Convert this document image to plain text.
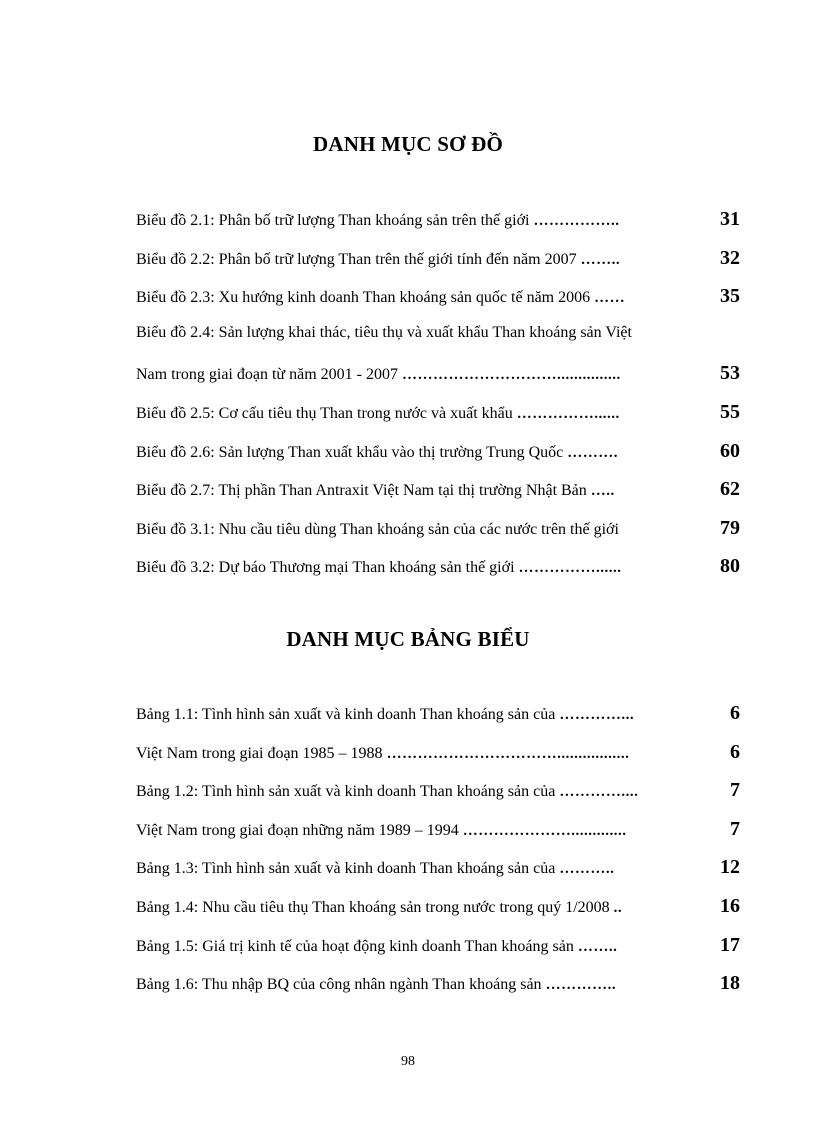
DANH MỤC SƠ ĐỒ
Biểu đồ 2.1: Phân bố trữ lượng Than khoáng sản trên thế giới ……………..	31
Biểu đồ 2.2: Phân bố trữ lượng Than trên thế giới tính đến năm 2007 ……..	32
Biểu đồ 2.3: Xu hướng kinh doanh Than khoáng sản quốc tế năm 2006 ……	35
Biểu đồ 2.4: Sản lượng khai thác, tiêu thụ và xuất khẩu Than khoáng sản Việt
Nam trong giai đoạn từ năm 2001 - 2007 …………………………...............	53
Biểu đồ 2.5: Cơ cấu tiêu thụ Than trong nước và xuất khẩu ……………......	55
Biểu đồ 2.6: Sản lượng Than xuất khẩu vào thị trường Trung Quốc ……….	60
Biểu đồ 2.7: Thị phần Than Antraxit Việt Nam tại thị trường Nhật Bản …..	62
Biểu đồ 3.1: Nhu cầu tiêu dùng Than khoáng sản của các nước trên thế giới	79
Biểu đồ 3.2: Dự báo Thương mại Than khoáng sản thế giới ……………......	80
DANH MỤC BẢNG BIỂU
Bảng 1.1: Tình hình sản xuất và kinh doanh Than khoáng sản của …………...	6
Việt Nam trong giai đoạn 1985 – 1988 …………………………….................	6
Bảng 1.2: Tình hình sản xuất và kinh doanh Than khoáng sản của …………....	7
Việt Nam trong giai đoạn những năm 1989 – 1994 ………………….............	7
Bảng 1.3: Tình hình sản xuất và kinh doanh Than khoáng sản của ………..	12
Bảng 1.4: Nhu cầu tiêu thụ Than khoáng sản trong nước trong quý 1/2008 ..	16
Bảng 1.5: Giá trị kinh tế của hoạt động kinh doanh Than khoáng sản ……..	17
Bảng 1.6: Thu nhập BQ của công nhân ngành Than khoáng sản …………..	18
98
